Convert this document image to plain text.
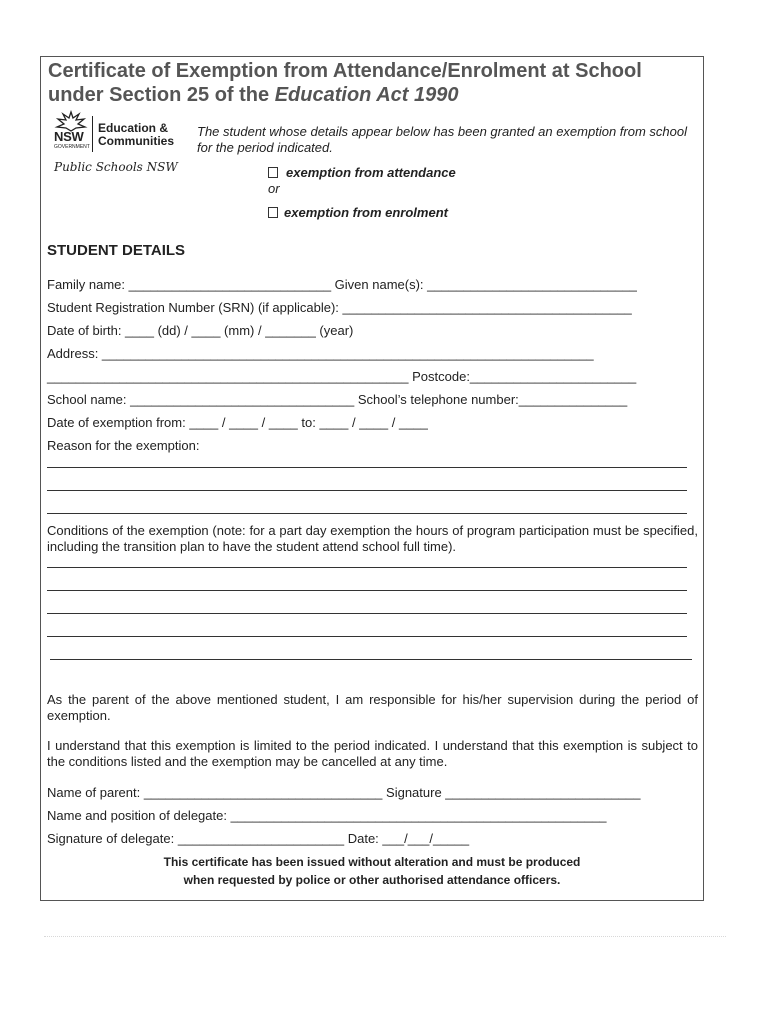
Certificate of Exemption from Attendance/Enrolment at School
under Section 25 of the Education Act 1990
NSW
GOVERNMENT
Education &
Communities
Public Schools NSW
The student whose details appear below has been granted an exemption from school for the period indicated.
exemption from attendance
or
exemption from enrolment
STUDENT DETAILS
Family name: ____________________________ Given name(s): _____________________________
Student Registration Number (SRN) (if applicable): ________________________________________
Date of birth: ____ (dd) / ____ (mm) / _______ (year)
Address: ____________________________________________________________________
__________________________________________________ Postcode:_______________________
School name: _______________________________ School’s telephone number:_______________
Date of exemption from: ____ / ____ / ____ to: ____ / ____ / ____
Reason for the exemption:
Conditions of the exemption (note: for a part day exemption the hours of program participation must be specified, including the transition plan to have the student attend school full time).
As the parent of the above mentioned student, I am responsible for his/her supervision during the period of exemption.
I understand that this exemption is limited to the period indicated. I understand that this exemption is subject to the conditions listed and the exemption may be cancelled at any time.
Name of parent: _________________________________ Signature ___________________________
Name and position of delegate: ____________________________________________________
Signature of delegate: _______________________ Date: ___/___/_____
This certificate has been issued without alteration and must be produced
when requested by police or other authorised attendance officers.
